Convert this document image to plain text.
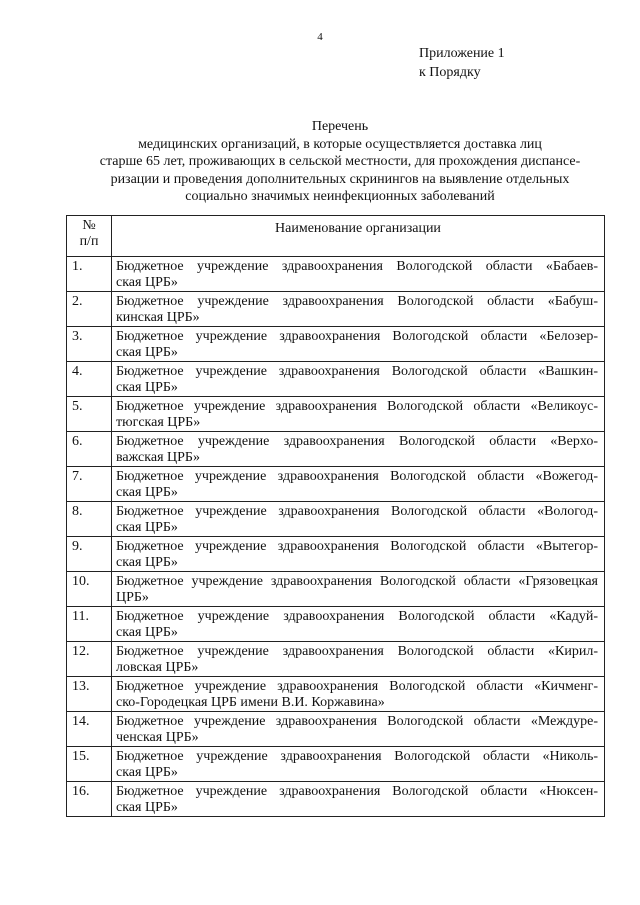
4
Приложение 1
к Порядку
Перечень
медицинских организаций, в которые осуществляется доставка лиц
старше 65 лет, проживающих в сельской местности, для прохождения диспансе-
ризации и проведения дополнительных скринингов на выявление отдельных
социально значимых неинфекционных заболеваний
№
п/п	Наименование организации
1.	Бюджетное учреждение здравоохранения Вологодской области «Бабаев-
ская ЦРБ»

2.	Бюджетное учреждение здравоохранения Вологодской области «Бабуш-
кинская ЦРБ»

3.	Бюджетное учреждение здравоохранения Вологодской области «Белозер-
ская ЦРБ»

4.	Бюджетное учреждение здравоохранения Вологодской области «Вашкин-
ская ЦРБ»

5.	Бюджетное учреждение здравоохранения Вологодской области «Великоус-
тюгская ЦРБ»

6.	Бюджетное учреждение здравоохранения Вологодской области «Верхо-
важская ЦРБ»

7.	Бюджетное учреждение здравоохранения Вологодской области «Вожегод-
ская ЦРБ»

8.	Бюджетное учреждение здравоохранения Вологодской области «Вологод-
ская ЦРБ»

9.	Бюджетное учреждение здравоохранения Вологодской области «Вытегор-
ская ЦРБ»

10.	Бюджетное учреждение здравоохранения Вологодской области «Грязовецкая
ЦРБ»

11.	Бюджетное учреждение здравоохранения Вологодской области «Кадуй-
ская ЦРБ»

12.	Бюджетное учреждение здравоохранения Вологодской области «Кирил-
ловская ЦРБ»

13.	Бюджетное учреждение здравоохранения Вологодской области «Кичменг-
ско-Городецкая ЦРБ имени В.И. Коржавина»

14.	Бюджетное учреждение здравоохранения Вологодской области «Междуре-
ченская ЦРБ»

15.	Бюджетное учреждение здравоохранения Вологодской области «Николь-
ская ЦРБ»

16.	Бюджетное учреждение здравоохранения Вологодской области «Нюксен-
ская ЦРБ»
